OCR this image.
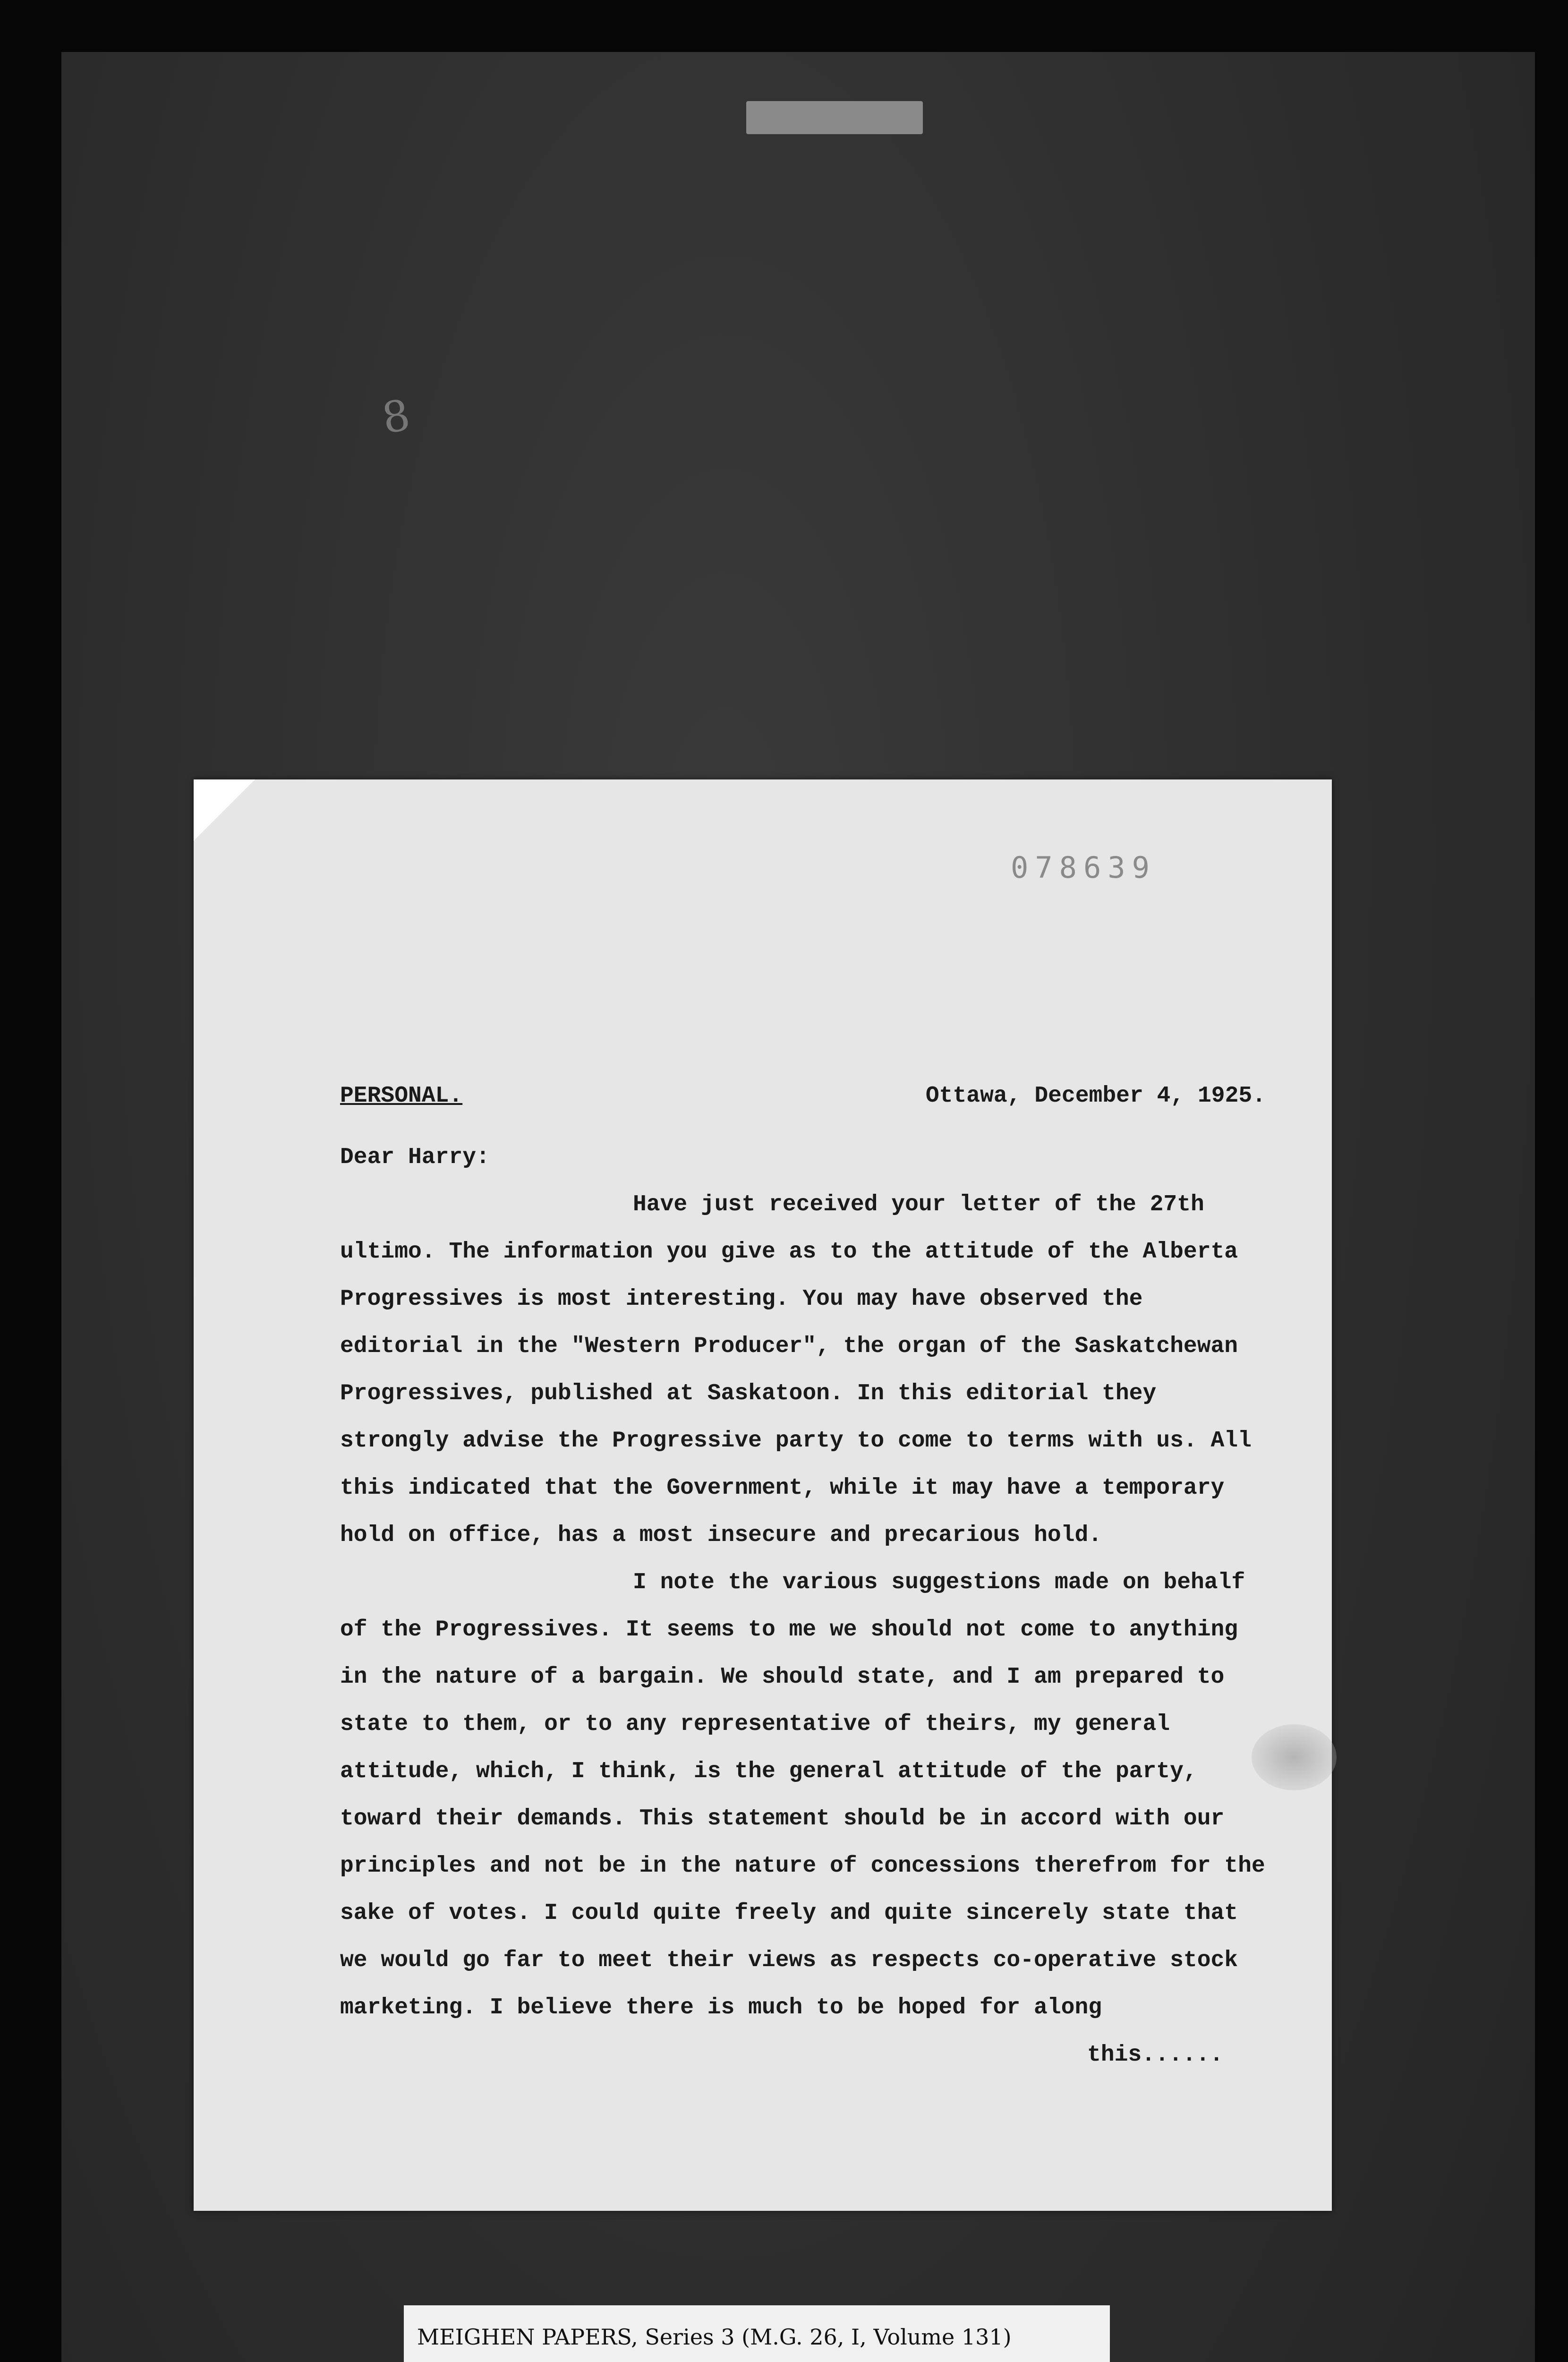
8
078639
PERSONAL.	Ottawa, December 4, 1925.
Dear Harry:
Have just received your letter of the 27th ultimo. The information you give as to the attitude of the Alberta Progressives is most interesting. You may have observed the editorial in the "Western Producer", the organ of the Saskatchewan Progressives, published at Saskatoon. In this editorial they strongly advise the Progressive party to come to terms with us. All this indicated that the Government, while it may have a temporary hold on office, has a most insecure and precarious hold.
I note the various suggestions made on behalf of the Progressives. It seems to me we should not come to anything in the nature of a bargain. We should state, and I am prepared to state to them, or to any representative of theirs, my general attitude, which, I think, is the general attitude of the party, toward their demands. This statement should be in accord with our principles and not be in the nature of concessions therefrom for the sake of votes. I could quite freely and quite sincerely state that we would go far to meet their views as respects co-operative stock marketing. I believe there is much to be hoped for along
this......
MEIGHEN PAPERS, Series 3 (M.G. 26, I, Volume 131)
